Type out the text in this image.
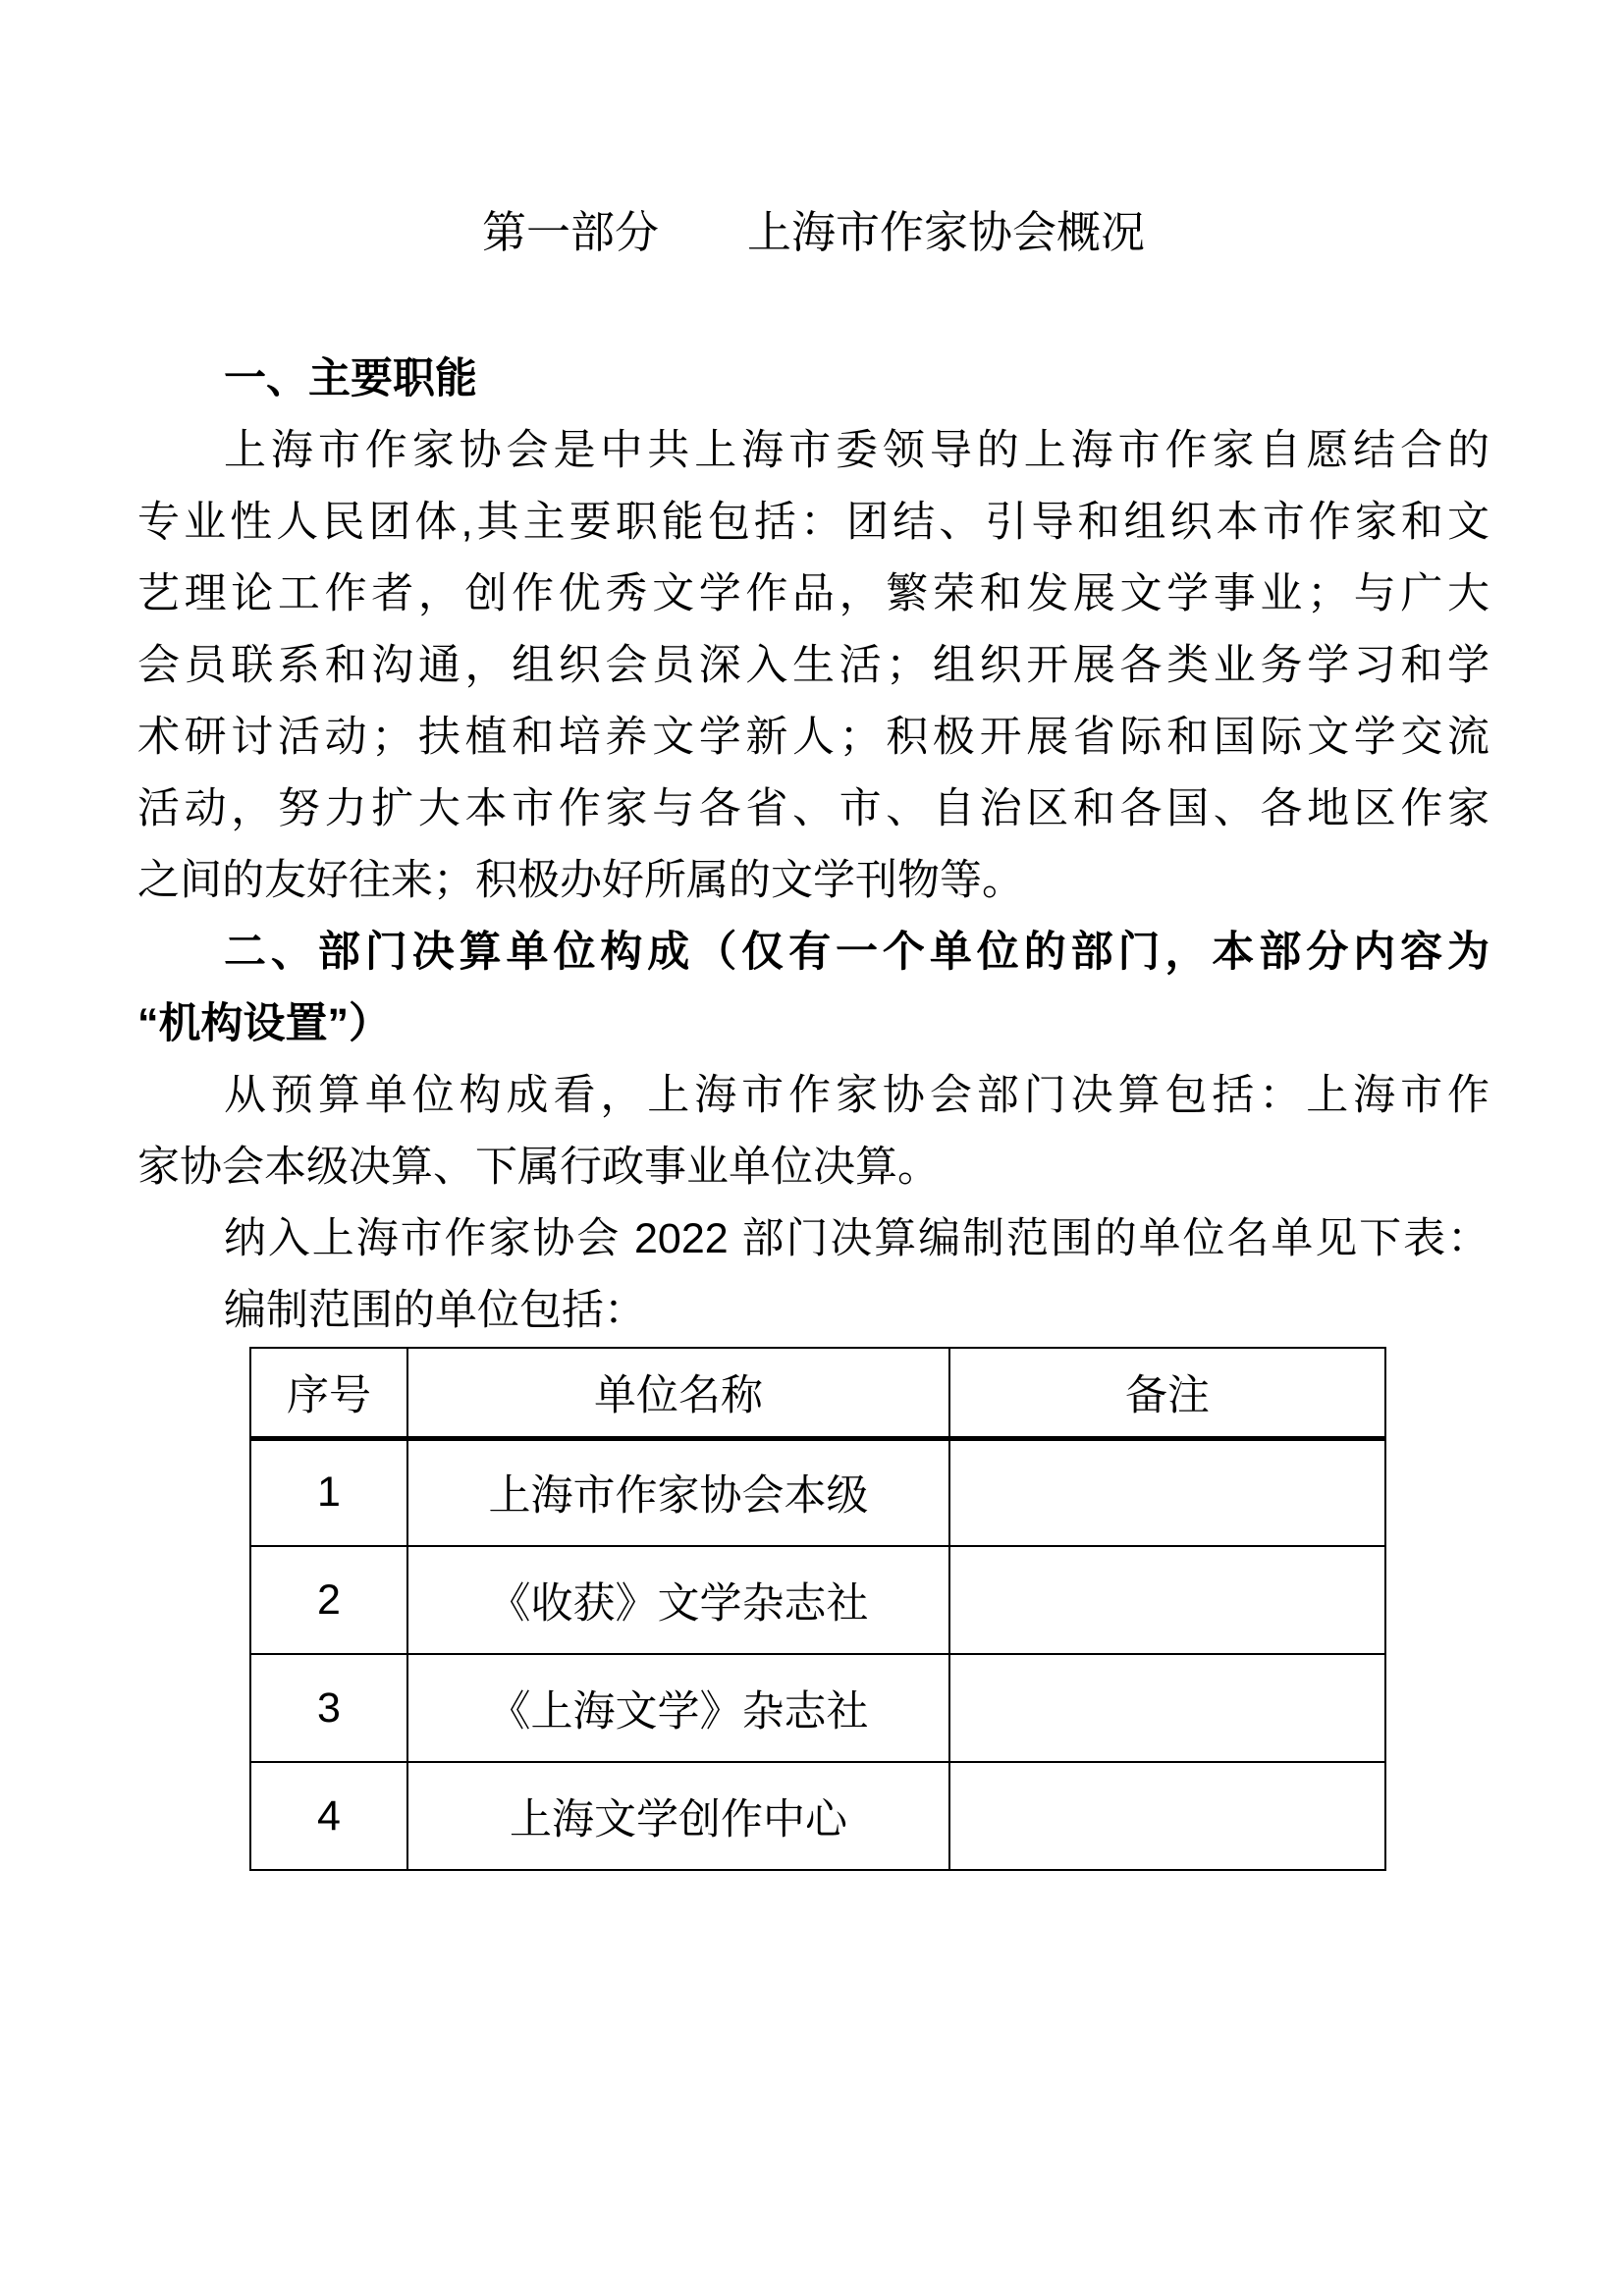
第一部分　　上海市作家协会概况
一、主要职能
上海市作家协会是中共上海市委领导的上海市作家自愿结合的
专业性人民团体,其主要职能包括：团结、引导和组织本市作家和文
艺理论工作者，创作优秀文学作品，繁荣和发展文学事业；与广大
会员联系和沟通，组织会员深入生活；组织开展各类业务学习和学
术研讨活动；扶植和培养文学新人；积极开展省际和国际文学交流
活动，努力扩大本市作家与各省、市、自治区和各国、各地区作家
之间的友好往来；积极办好所属的文学刊物等。
二、部门决算单位构成（仅有一个单位的部门，本部分内容为
“机构设置”）
从预算单位构成看，上海市作家协会部门决算包括：上海市作
家协会本级决算、下属行政事业单位决算。
纳入上海市作家协会 2022 部门决算编制范围的单位名单见下表：
编制范围的单位包括：
序号	单位名称	备注
1	上海市作家协会本级	
2	《收获》文学杂志社	
3	《上海文学》杂志社	
4	上海文学创作中心	
